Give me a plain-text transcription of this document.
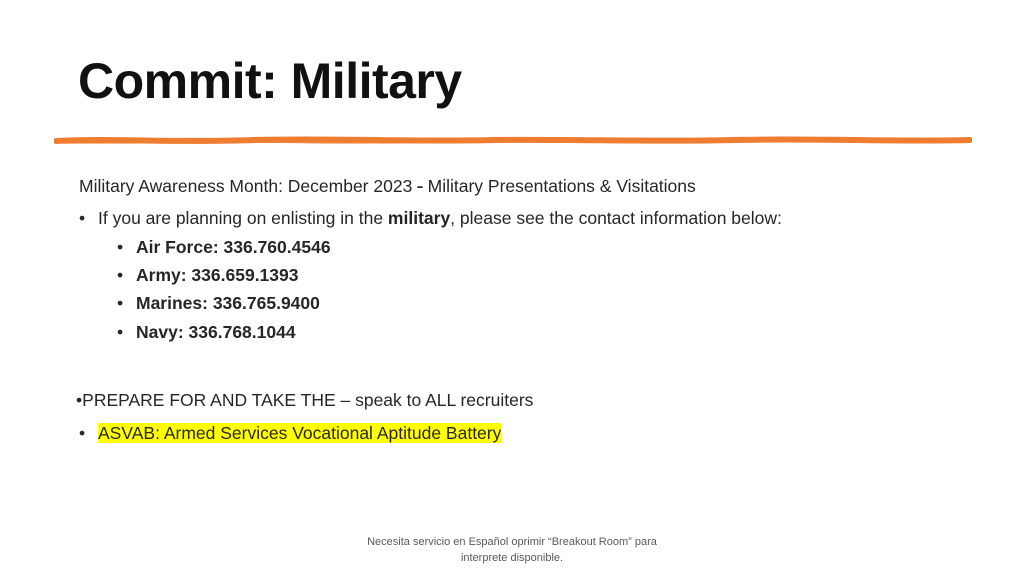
Commit: Military
Military Awareness Month: December 2023 - Military Presentations & Visitations
• If you are planning on enlisting in the military, please see the contact information below:
• Air Force: 336.760.4546
• Army: 336.659.1393
• Marines: 336.765.9400
• Navy: 336.768.1044
•PREPARE FOR AND TAKE THE – speak to ALL recruiters
• ASVAB: Armed Services Vocational Aptitude Battery
Necesita servicio en Español oprimir “Breakout Room” para
interprete disponible.
